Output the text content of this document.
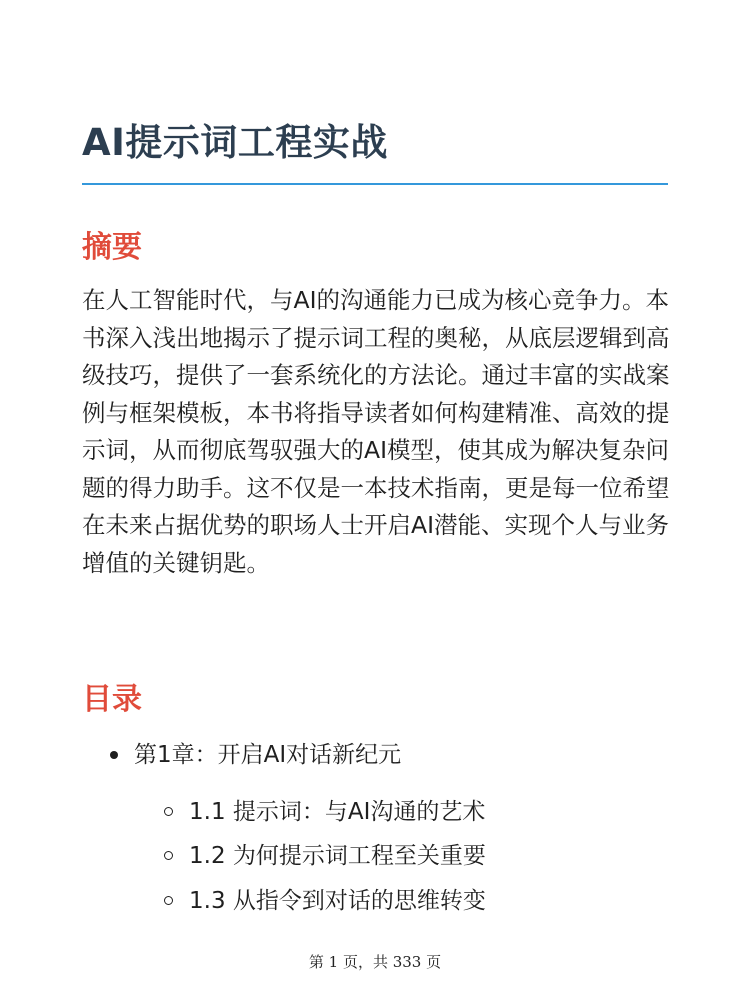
AI提示词工程实战
摘要

在人工智能时代，与AI的沟通能力已成为核心竞争力。本书深入浅出地揭示了提示词工程的奥秘，从底层逻辑到高级技巧，提供了一套系统化的方法论。通过丰富的实战案例与框架模板，本书将指导读者如何构建精准、高效的提示词，从而彻底驾驭强大的AI模型，使其成为解决复杂问题的得力助手。这不仅是一本技术指南，更是每一位希望在未来占据优势的职场人士开启AI潜能、实现个人与业务增值的关键钥匙。

目录
第1章：开启AI对话新纪元
1.1 提示词：与AI沟通的艺术
1.2 为何提示词工程至关重要
1.3 从指令到对话的思维转变
第 1 页，共 333 页
